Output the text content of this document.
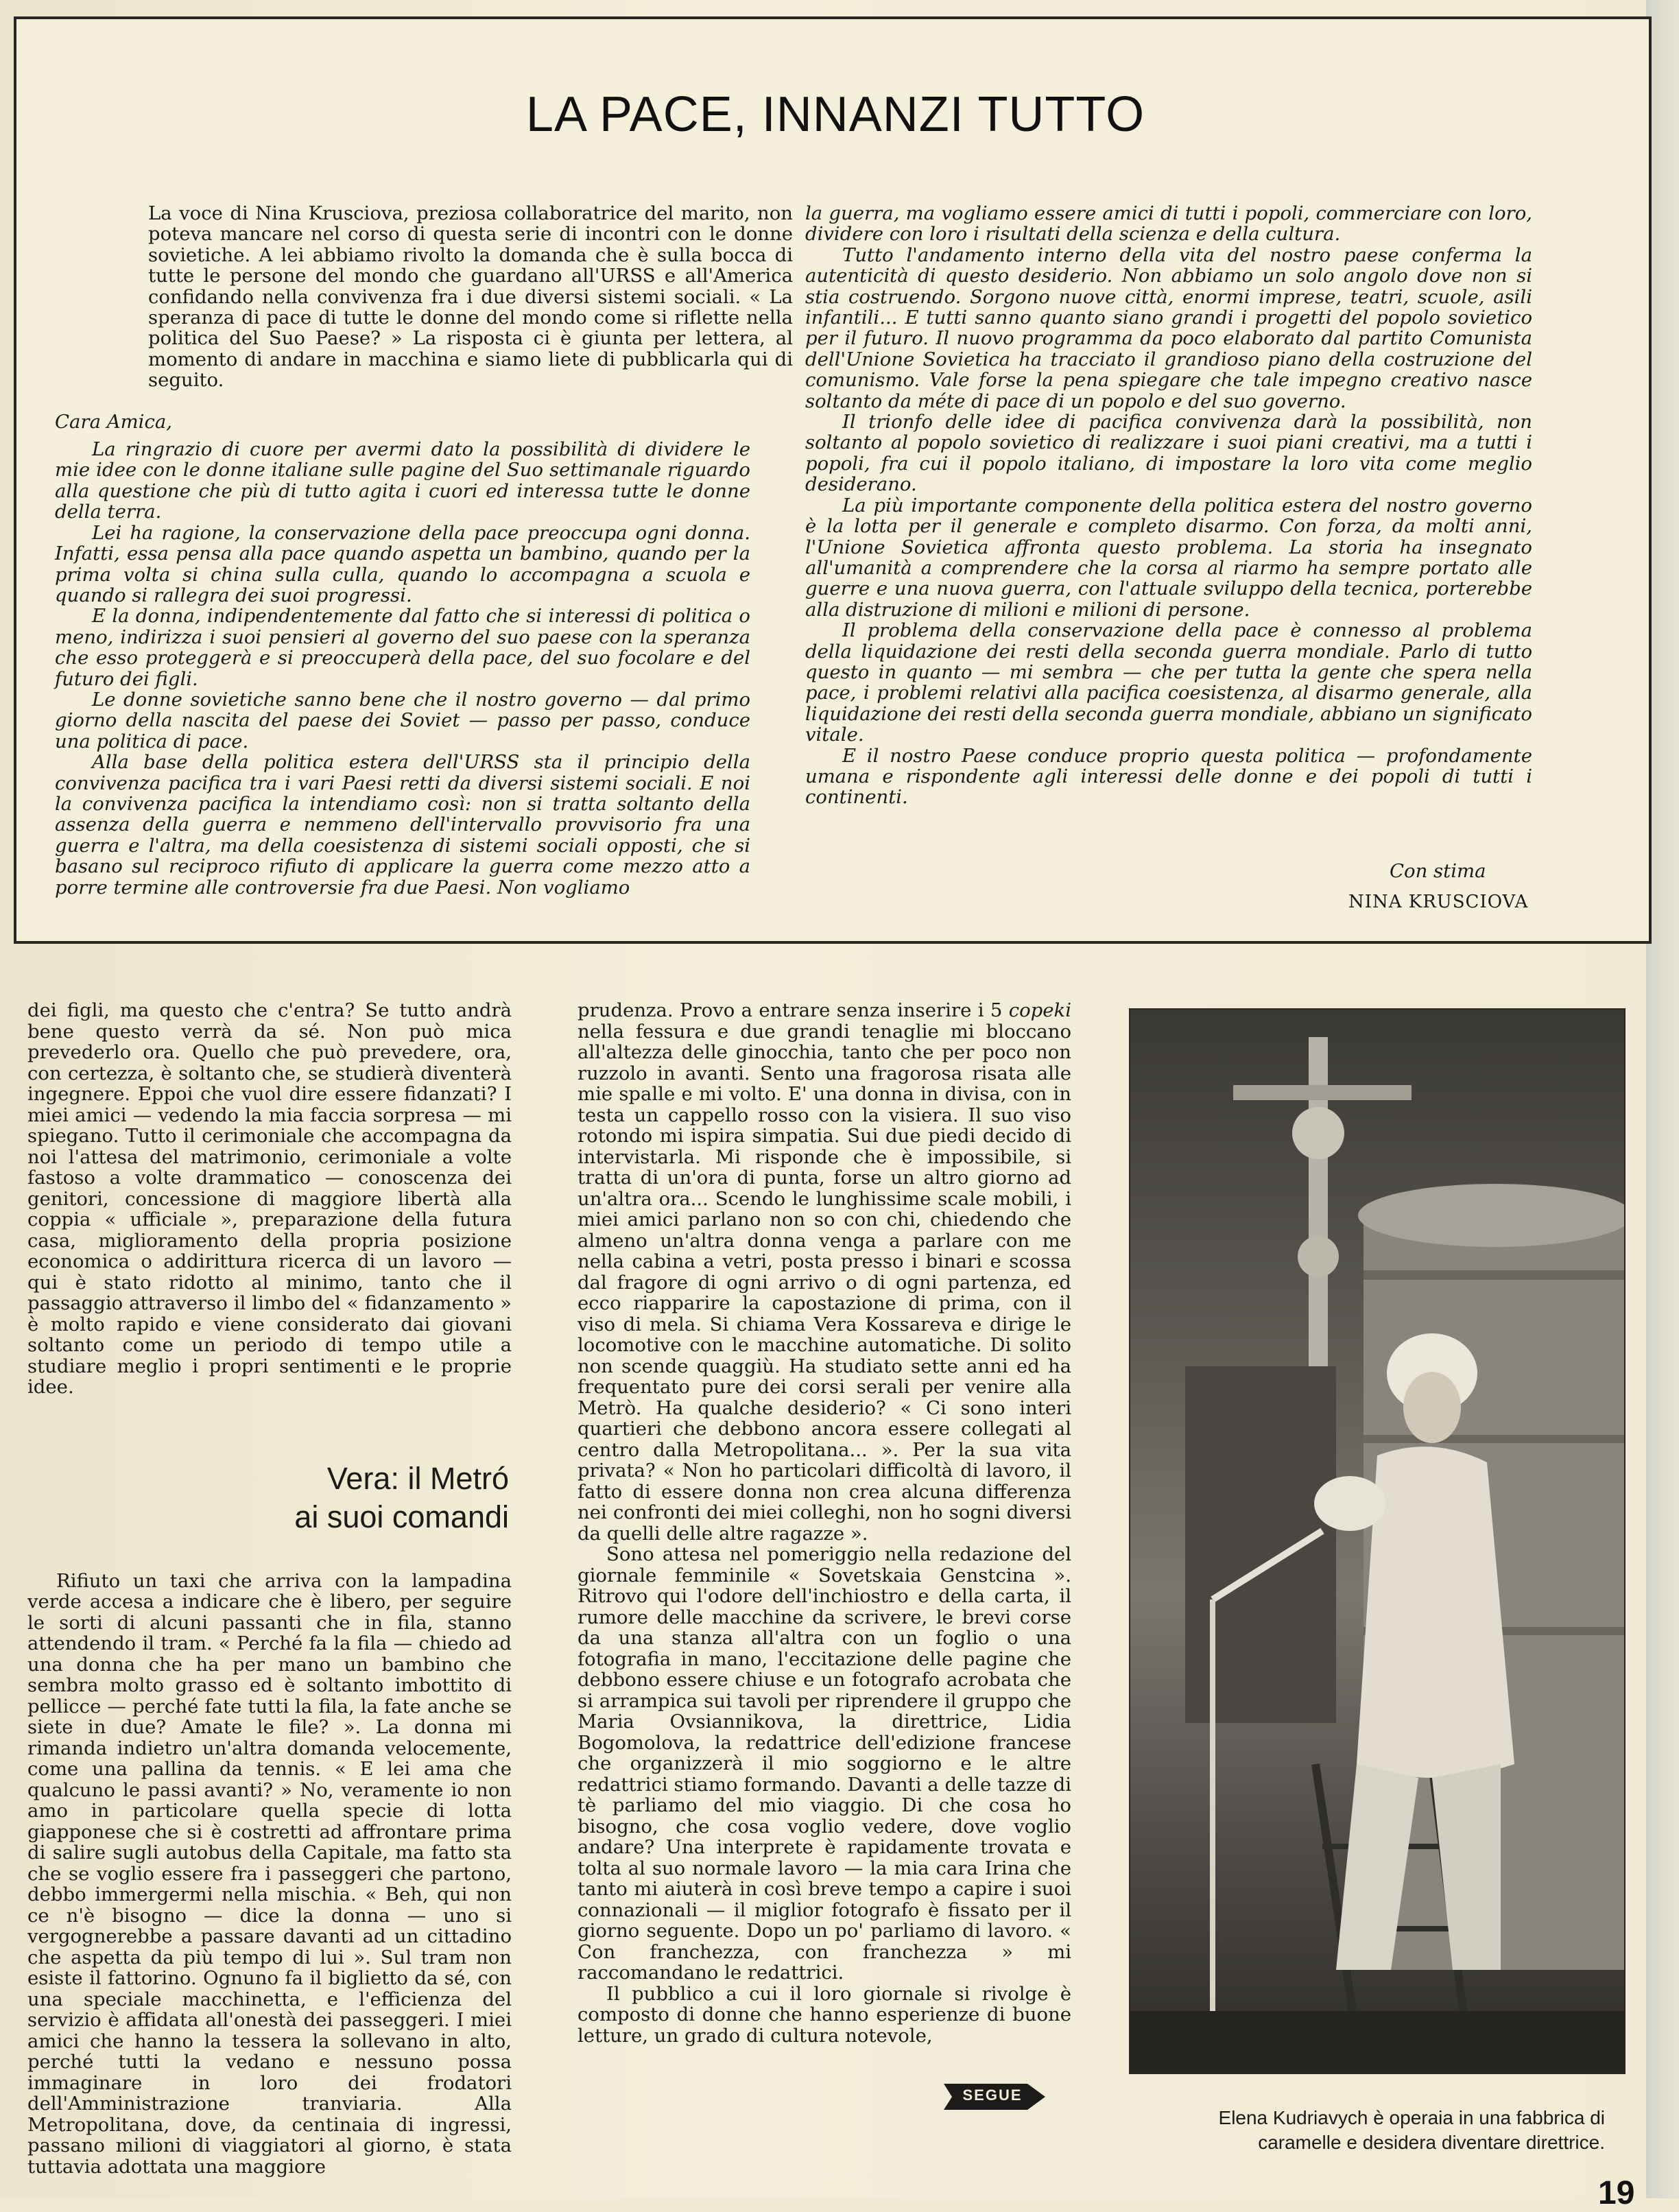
LA PACE, INNANZI TUTTO

La voce di Nina Krusciova, preziosa collaboratrice del marito, non poteva mancare nel corso di questa serie di incontri con le donne sovietiche. A lei abbiamo rivolto la domanda che è sulla bocca di tutte le persone del mondo che guardano all'URSS e all'America confidando nella convivenza fra i due diversi sistemi sociali. « La speranza di pace di tutte le donne del mondo come si riflette nella politica del Suo Paese? » La risposta ci è giunta per lettera, al momento di andare in macchina e siamo liete di pubblicarla qui di seguito.

Cara Amica,

La ringrazio di cuore per avermi dato la possibilità di dividere le mie idee con le donne italiane sulle pagine del Suo settimanale riguardo alla questione che più di tutto agita i cuori ed interessa tutte le donne della terra.

Lei ha ragione, la conservazione della pace preoccupa ogni donna. Infatti, essa pensa alla pace quando aspetta un bambino, quando per la prima volta si china sulla culla, quando lo accompagna a scuola e quando si rallegra dei suoi progressi.

E la donna, indipendentemente dal fatto che si interessi di politica o meno, indirizza i suoi pensieri al governo del suo paese con la speranza che esso proteggerà e si preoccuperà della pace, del suo focolare e del futuro dei figli.

Le donne sovietiche sanno bene che il nostro governo — dal primo giorno della nascita del paese dei Soviet — passo per passo, conduce una politica di pace.

Alla base della politica estera dell'URSS sta il principio della convivenza pacifica tra i vari Paesi retti da diversi sistemi sociali. E noi la convivenza pacifica la intendiamo così: non si tratta soltanto della assenza della guerra e nemmeno dell'intervallo provvisorio fra una guerra e l'altra, ma della coesistenza di sistemi sociali opposti, che si basano sul reciproco rifiuto di applicare la guerra come mezzo atto a porre termine alle controversie fra due Paesi. Non vogliamo

la guerra, ma vogliamo essere amici di tutti i popoli, commerciare con loro, dividere con loro i risultati della scienza e della cultura.

Tutto l'andamento interno della vita del nostro paese conferma la autenticità di questo desiderio. Non abbiamo un solo angolo dove non si stia costruendo. Sorgono nuove città, enormi imprese, teatri, scuole, asili infantili... E tutti sanno quanto siano grandi i progetti del popolo sovietico per il futuro. Il nuovo programma da poco elaborato dal partito Comunista dell'Unione Sovietica ha tracciato il grandioso piano della costruzione del comunismo. Vale forse la pena spiegare che tale impegno creativo nasce soltanto da méte di pace di un popolo e del suo governo.

Il trionfo delle idee di pacifica convivenza darà la possibilità, non soltanto al popolo sovietico di realizzare i suoi piani creativi, ma a tutti i popoli, fra cui il popolo italiano, di impostare la loro vita come meglio desiderano.

La più importante componente della politica estera del nostro governo è la lotta per il generale e completo disarmo. Con forza, da molti anni, l'Unione Sovietica affronta questo problema. La storia ha insegnato all'umanità a comprendere che la corsa al riarmo ha sempre portato alle guerre e una nuova guerra, con l'attuale sviluppo della tecnica, porterebbe alla distruzione di milioni e milioni di persone.

Il problema della conservazione della pace è connesso al problema della liquidazione dei resti della seconda guerra mondiale. Parlo di tutto questo in quanto — mi sembra — che per tutta la gente che spera nella pace, i problemi relativi alla pacifica coesistenza, al disarmo generale, alla liquidazione dei resti della seconda guerra mondiale, abbiano un significato vitale.

E il nostro Paese conduce proprio questa politica — profondamente umana e rispondente agli interessi delle donne e dei popoli di tutti i continenti.

Con stima
NINA KRUSCIOVA

dei figli, ma questo che c'entra? Se tutto andrà bene questo verrà da sé. Non può mica prevederlo ora. Quello che può prevedere, ora, con certezza, è soltanto che, se studierà diventerà ingegnere. Eppoi che vuol dire essere fidanzati? I miei amici — vedendo la mia faccia sorpresa — mi spiegano. Tutto il cerimoniale che accompagna da noi l'attesa del matrimonio, cerimoniale a volte fastoso a volte drammatico — conoscenza dei genitori, concessione di maggiore libertà alla coppia « ufficiale », preparazione della futura casa, miglioramento della propria posizione economica o addirittura ricerca di un lavoro — qui è stato ridotto al minimo, tanto che il passaggio attraverso il limbo del « fidanzamento » è molto rapido e viene considerato dai giovani soltanto come un periodo di tempo utile a studiare meglio i propri sentimenti e le proprie idee.

Vera: il Metró
ai suoi comandi

Rifiuto un taxi che arriva con la lampadina verde accesa a indicare che è libero, per seguire le sorti di alcuni passanti che in fila, stanno attendendo il tram. « Perché fa la fila — chiedo ad una donna che ha per mano un bambino che sembra molto grasso ed è soltanto imbottito di pellicce — perché fate tutti la fila, la fate anche se siete in due? Amate le file? ». La donna mi rimanda indietro un'altra domanda velocemente, come una pallina da tennis. « E lei ama che qualcuno le passi avanti? » No, veramente io non amo in particolare quella specie di lotta giapponese che si è costretti ad affrontare prima di salire sugli autobus della Capitale, ma fatto sta che se voglio essere fra i passeggeri che partono, debbo immergermi nella mischia. « Beh, qui non ce n'è bisogno — dice la donna — uno si vergognerebbe a passare davanti ad un cittadino che aspetta da più tempo di lui ». Sul tram non esiste il fattorino. Ognuno fa il biglietto da sé, con una speciale macchinetta, e l'efficienza del servizio è affidata all'onestà dei passeggeri. I miei amici che hanno la tessera la sollevano in alto, perché tutti la vedano e nessuno possa immaginare in loro dei frodatori dell'Amministrazione tranviaria. Alla Metropolitana, dove, da centinaia di ingressi, passano milioni di viaggiatori al giorno, è stata tuttavia adottata una maggiore

prudenza. Provo a entrare senza inserire i 5 copeki nella fessura e due grandi tenaglie mi bloccano all'altezza delle ginocchia, tanto che per poco non ruzzolo in avanti. Sento una fragorosa risata alle mie spalle e mi volto. E' una donna in divisa, con in testa un cappello rosso con la visiera. Il suo viso rotondo mi ispira simpatia. Sui due piedi decido di intervistarla. Mi risponde che è impossibile, si tratta di un'ora di punta, forse un altro giorno ad un'altra ora... Scendo le lunghissime scale mobili, i miei amici parlano non so con chi, chiedendo che almeno un'altra donna venga a parlare con me nella cabina a vetri, posta presso i binari e scossa dal fragore di ogni arrivo o di ogni partenza, ed ecco riapparire la capostazione di prima, con il viso di mela. Si chiama Vera Kossareva e dirige le locomotive con le macchine automatiche. Di solito non scende quaggiù. Ha studiato sette anni ed ha frequentato pure dei corsi serali per venire alla Metrò. Ha qualche desiderio? « Ci sono interi quartieri che debbono ancora essere collegati al centro dalla Metropolitana... ». Per la sua vita privata? « Non ho particolari difficoltà di lavoro, il fatto di essere donna non crea alcuna differenza nei confronti dei miei colleghi, non ho sogni diversi da quelli delle altre ragazze ».

Sono attesa nel pomeriggio nella redazione del giornale femminile « Sovetskaia Genstcina ». Ritrovo qui l'odore dell'inchiostro e della carta, il rumore delle macchine da scrivere, le brevi corse da una stanza all'altra con un foglio o una fotografia in mano, l'eccitazione delle pagine che debbono essere chiuse e un fotografo acrobata che si arrampica sui tavoli per riprendere il gruppo che Maria Ovsiannikova, la direttrice, Lidia Bogomolova, la redattrice dell'edizione francese che organizzerà il mio soggiorno e le altre redattrici stiamo formando. Davanti a delle tazze di tè parliamo del mio viaggio. Di che cosa ho bisogno, che cosa voglio vedere, dove voglio andare? Una interprete è rapidamente trovata e tolta al suo normale lavoro — la mia cara Irina che tanto mi aiuterà in così breve tempo a capire i suoi connazionali — il miglior fotografo è fissato per il giorno seguente. Dopo un po' parliamo di lavoro. « Con franchezza, con franchezza » mi raccomandano le redattrici.

Il pubblico a cui il loro giornale si rivolge è composto di donne che hanno esperienze di buone letture, un grado di cultura notevole,

SEGUE
Elena Kudriavych è operaia in una fabbrica di caramelle e desidera diventare direttrice.
19
